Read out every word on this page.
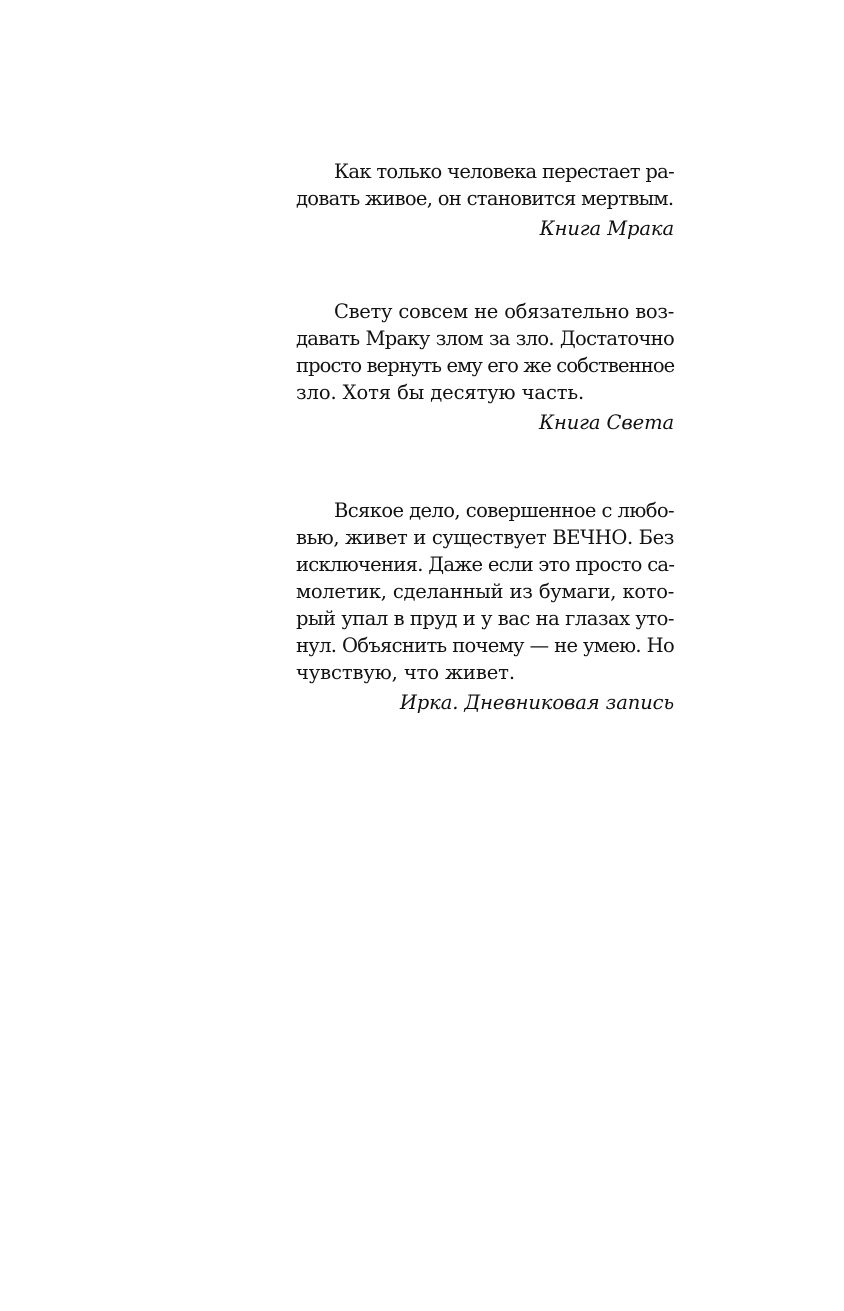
Как только человека перестает ра-
довать живое, он становится мертвым.
Книга Мрака
Свету совсем не обязательно воз-
давать Мраку злом за зло. Достаточно
просто вернуть ему его же собственное
зло. Хотя бы десятую часть.
Книга Света
Всякое дело, совершенное с любо-
вью, живет и существует ВЕЧНО. Без
исключения. Даже если это просто са-
молетик, сделанный из бумаги, кото-
рый упал в пруд и у вас на глазах уто-
нул. Объяснить почему — не умею. Но
чувствую, что живет.
Ирка. Дневниковая запись
